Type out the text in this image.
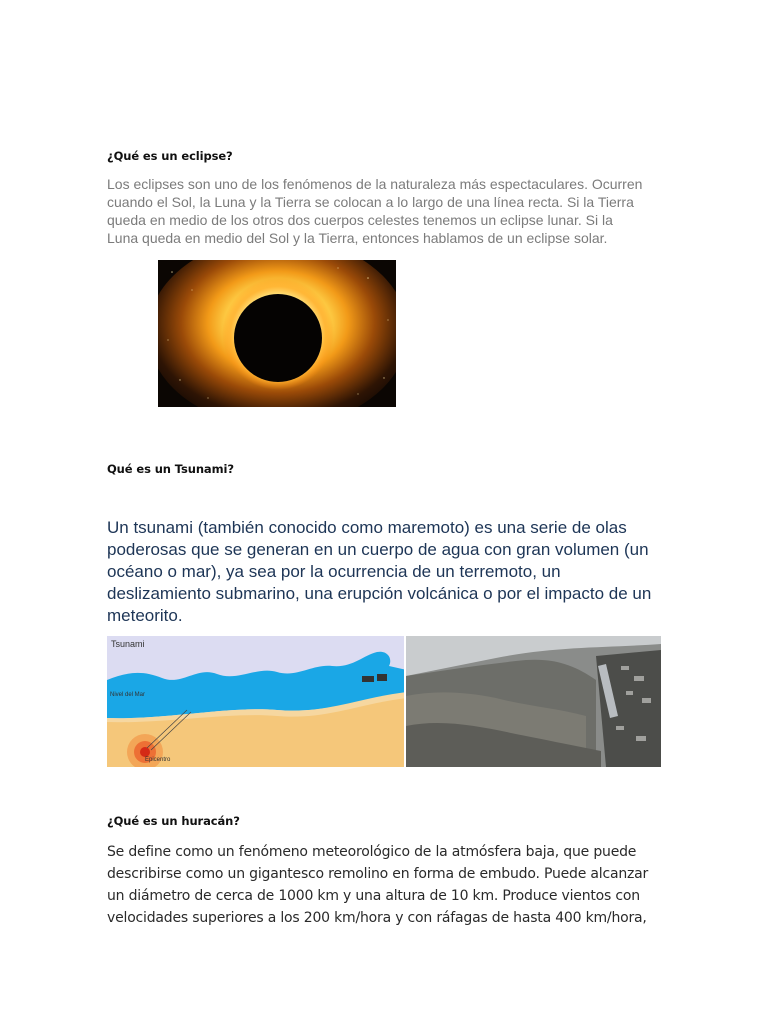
¿Qué es un eclipse?

Los eclipses son uno de los fenómenos de la naturaleza más espectaculares. Ocurren cuando el Sol, la Luna y la Tierra se colocan a lo largo de una línea recta. Si la Tierra queda en medio de los otros dos cuerpos celestes tenemos un eclipse lunar. Si la Luna queda en medio del Sol y la Tierra, entonces hablamos de un eclipse solar.

Qué es un Tsunami?

Un tsunami (también conocido como maremoto) es una serie de olas poderosas que se generan en un cuerpo de agua con gran volumen (un océano o mar), ya sea por la ocurrencia de un terremoto, un deslizamiento submarino, una erupción volcánica o por el impacto de un meteorito.

Tsunami
Nivel del Mar
Epicentro
¿Qué es un huracán?

Se define como un fenómeno meteorológico de la atmósfera baja, que puede describirse como un gigantesco remolino en forma de embudo. Puede alcanzar un diámetro de cerca de 1000 km y una altura de 10 km. Produce vientos con velocidades superiores a los 200 km/hora y con ráfagas de hasta 400 km/hora,
